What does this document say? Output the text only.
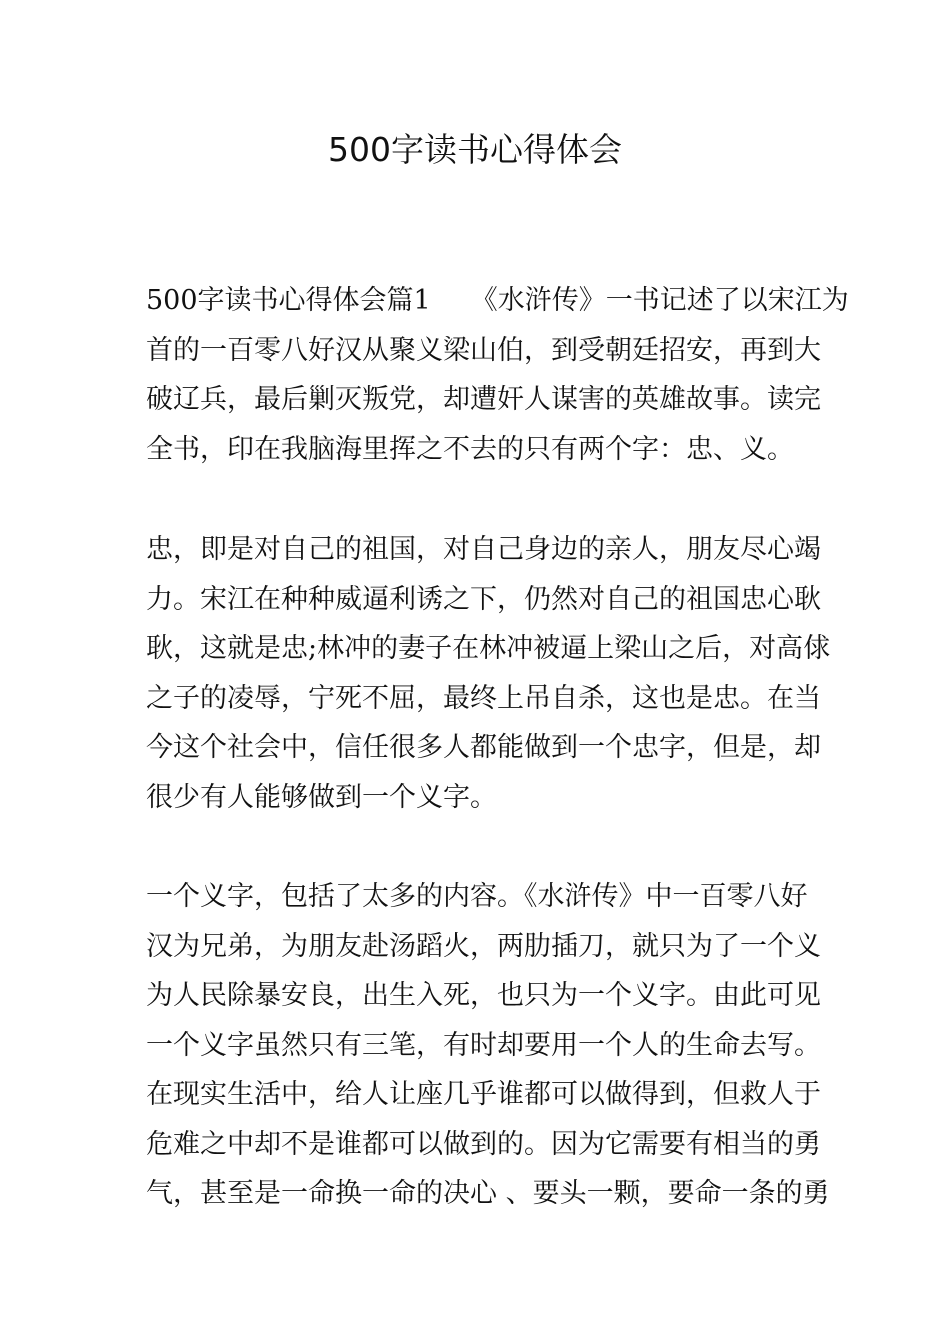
500字读书心得体会
500字读书心得体会篇1 《水浒传》一书记述了以宋江为
首的一百零八好汉从聚义梁山伯，到受朝廷招安，再到大
破辽兵，最后剿灭叛党，却遭奸人谋害的英雄故事。读完
全书，印在我脑海里挥之不去的只有两个字：忠、义。
忠，即是对自己的祖国，对自己身边的亲人，朋友尽心竭
力。宋江在种种威逼利诱之下，仍然对自己的祖国忠心耿
耿，这就是忠;林冲的妻子在林冲被逼上梁山之后，对高俅
之子的凌辱，宁死不屈，最终上吊自杀，这也是忠。在当
今这个社会中，信任很多人都能做到一个忠字，但是，却
很少有人能够做到一个义字。
一个义字，包括了太多的内容。《水浒传》中一百零八好
汉为兄弟，为朋友赴汤蹈火，两肋插刀，就只为了一个义
为人民除暴安良，出生入死，也只为一个义字。由此可见
一个义字虽然只有三笔，有时却要用一个人的生命去写。
在现实生活中，给人让座几乎谁都可以做得到，但救人于
危难之中却不是谁都可以做到的。因为它需要有相当的勇
气，甚至是一命换一命的决心 、要头一颗，要命一条的勇
